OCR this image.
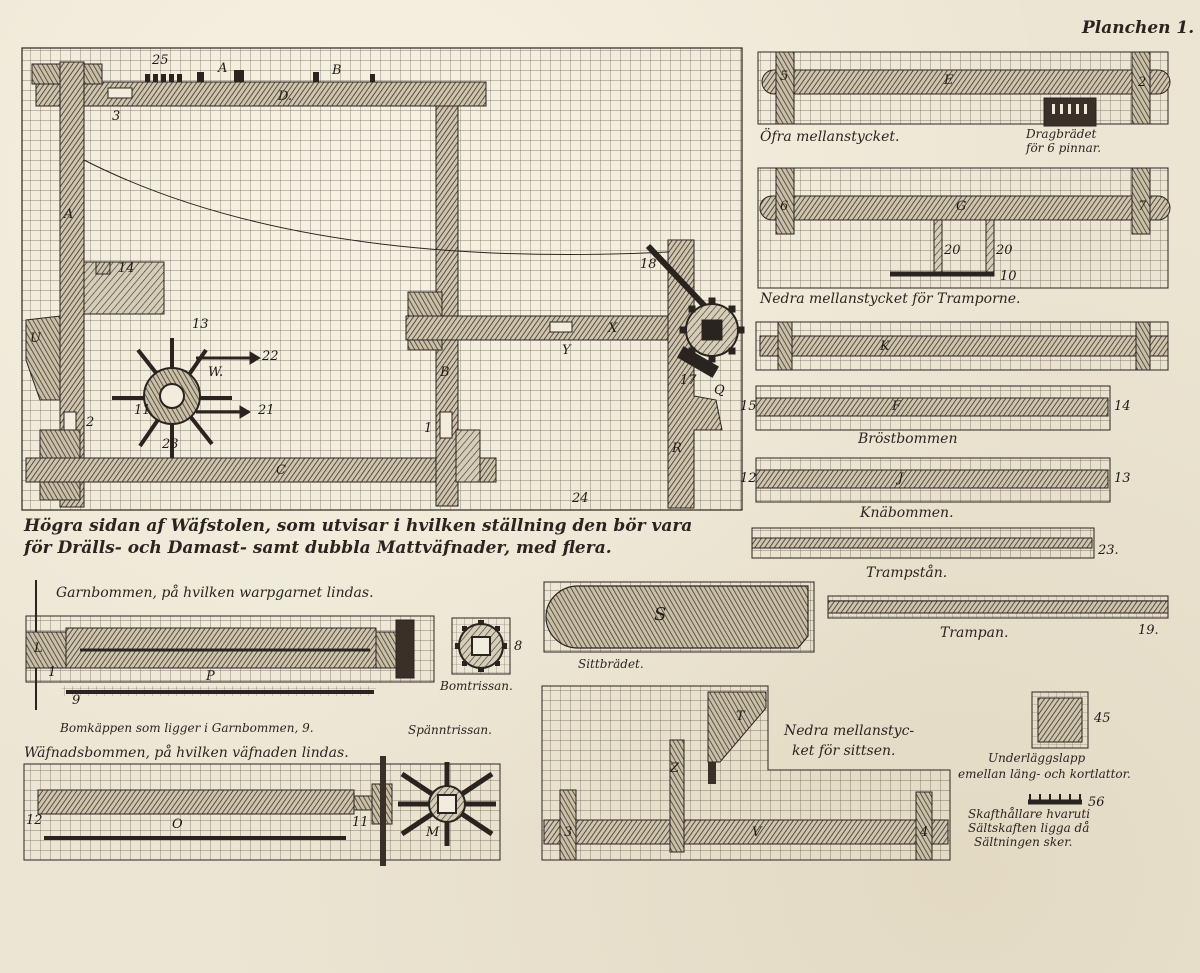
Planchen 1.
25
A	B
D.
3
A
14
13
22
W.
21
11
23
2
U
C
1
B
24
18
X
Y
17
Q
R
Högra sidan af Wäfstolen, som utvisar i hvilken ställning den bör vara
för Drälls- och Damast- samt dubbla Mattväfnader, med flera.
5	E	2
Öfra mellanstycket.	Dragbrädet
för 6 pinnar.
6	G	7
20	20
10
Nedra mellanstycket för Tramporne.
K
15	F	14
Bröstbommen
12	J	13
Knäbommen.
23.
Trampstån.
Garnbommen, på hvilken warpgarnet lindas.
L
1
9
P
8
Bomtrissan.
Bomkäppen som ligger i Garnbommen, 9.	Spänntrissan.
Wäfnadsbommen, på hvilken väfnaden lindas.
12	O	11
M
S
Sittbrädet.
19.
Trampan.
T
Z
3	V	4
Nedra mellanstyc-
ket för sittsen.
45
Underläggslapp
emellan läng- och kortlattor.
56
Skafthållare hvaruti
Sältskaften ligga då
Sältningen sker.
